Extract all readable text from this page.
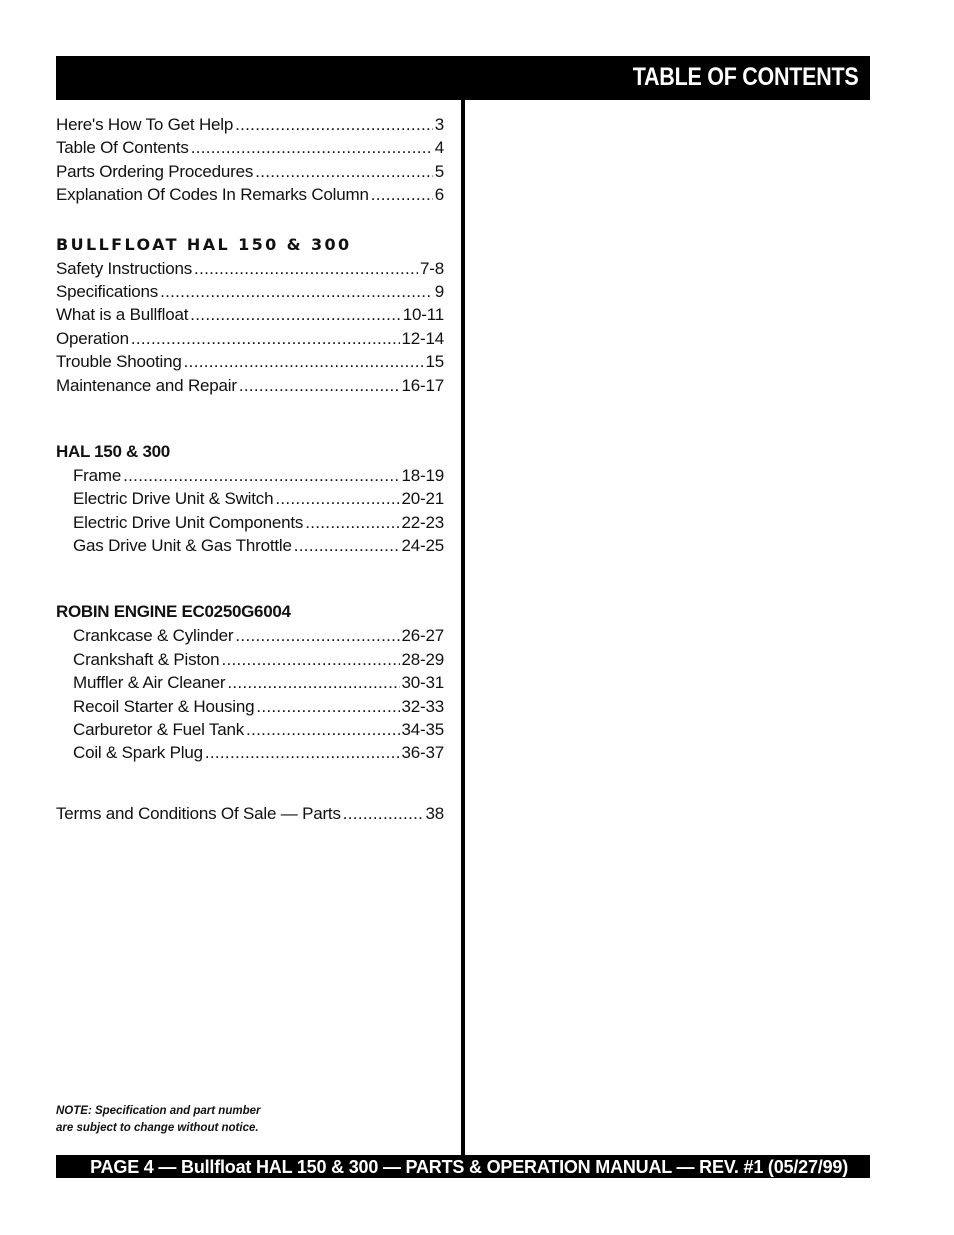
TABLE OF CONTENTS
Here's How To Get Help .....	3
Table Of Contents .....	4
Parts Ordering Procedures .....	5
Explanation Of Codes In Remarks Column .....	6
BULLFLOAT HAL 150 & 300
Safety Instructions .....	7-8
Specifications .....	9
What is a Bullfloat .....	10-11
Operation .....	12-14
Trouble Shooting .....	15
Maintenance and Repair .....	16-17
HAL 150 & 300
Frame .....	18-19
Electric Drive Unit & Switch .....	20-21
Electric Drive Unit Components .....	22-23
Gas Drive Unit & Gas Throttle .....	24-25
ROBIN ENGINE EC0250G6004
Crankcase & Cylinder .....	26-27
Crankshaft & Piston .....	28-29
Muffler & Air Cleaner .....	30-31
Recoil Starter & Housing .....	32-33
Carburetor & Fuel Tank .....	34-35
Coil & Spark Plug .....	36-37
Terms and Conditions Of Sale — Parts .....	38
NOTE: Specification and part number
are subject to change without notice.
PAGE 4 — Bullfloat HAL 150 & 300 — PARTS & OPERATION MANUAL — REV. #1 (05/27/99)
